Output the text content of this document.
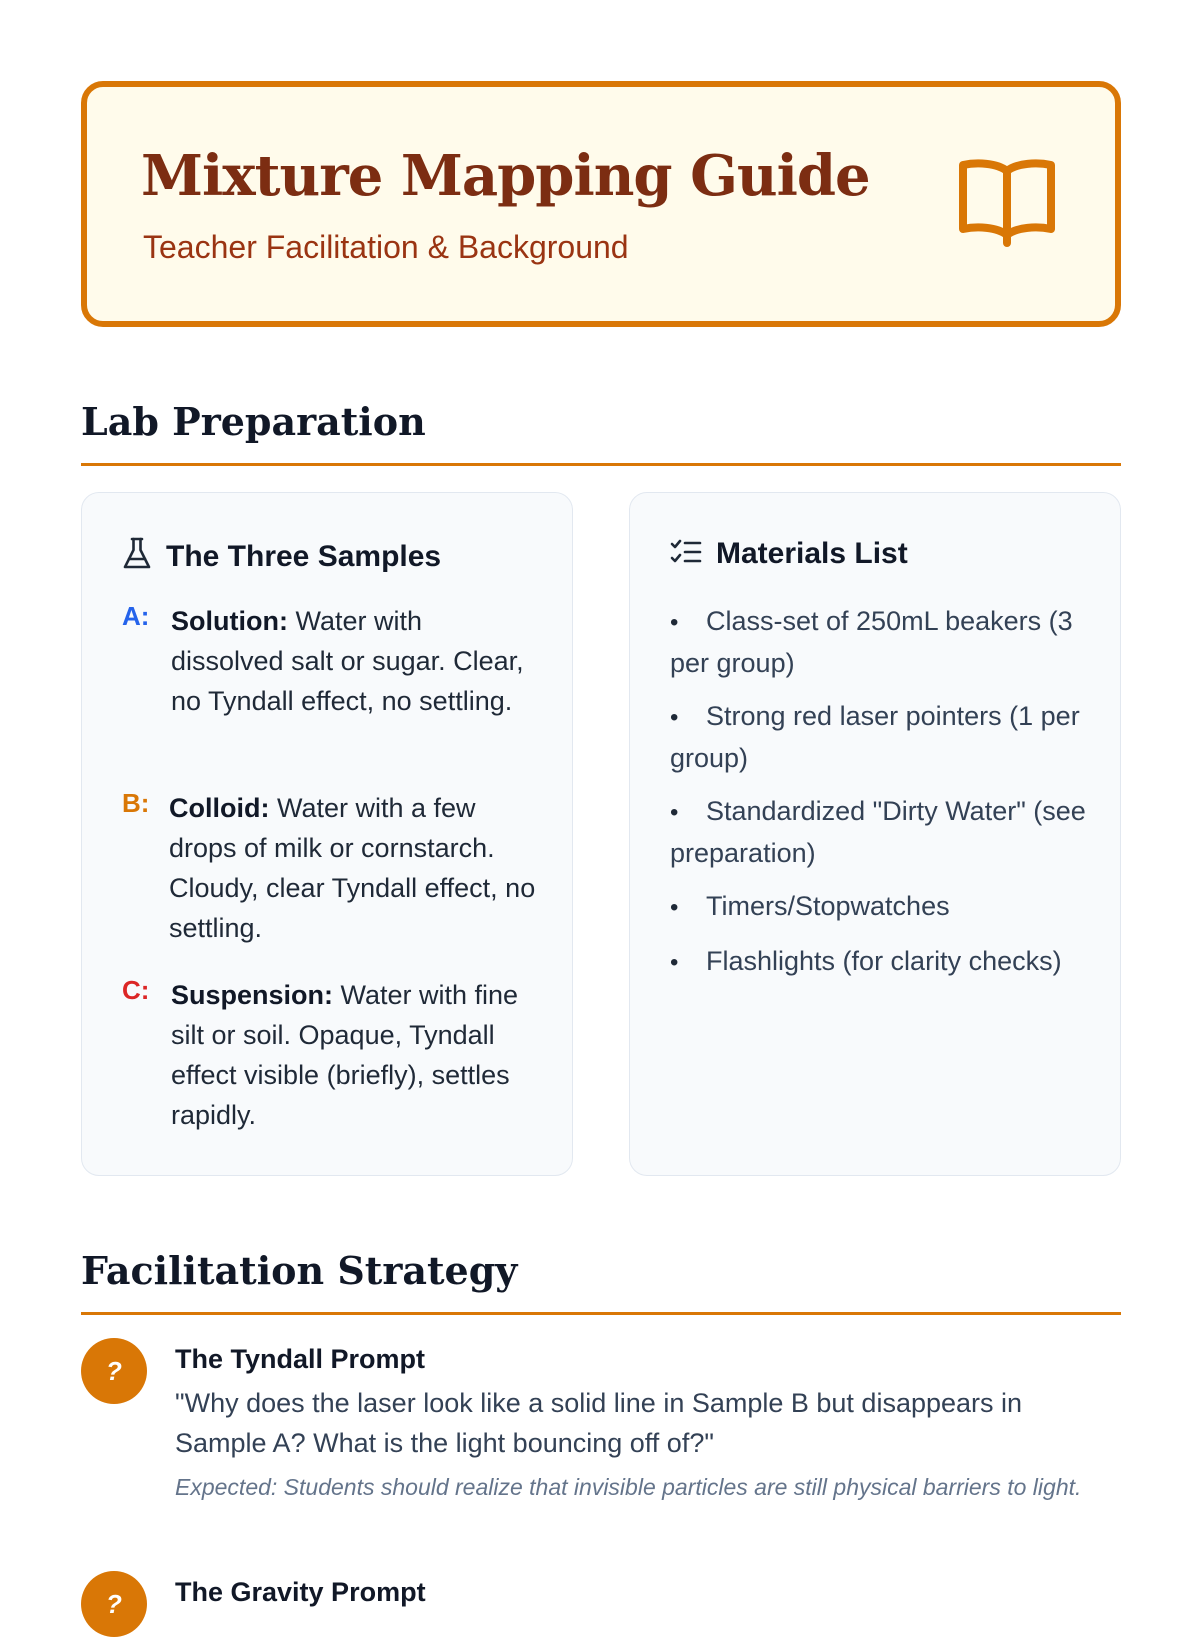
Mixture Mapping Guide

Teacher Facilitation & Background

Lab Preparation
The Three Samples
A: Solution: Water with dissolved salt or sugar. Clear, no Tyndall effect, no settling.
B: Colloid: Water with a few drops of milk or cornstarch. Cloudy, clear Tyndall effect, no settling.
C: Suspension: Water with fine silt or soil. Opaque, Tyndall effect visible (briefly), settles rapidly.
Materials List
• Class-set of 250mL beakers (3 per group)
• Strong red laser pointers (1 per group)
• Standardized "Dirty Water" (see preparation)
• Timers/Stopwatches
• Flashlights (for clarity checks)
Facilitation Strategy
?	The Tyndall Prompt

"Why does the laser look like a solid line in Sample B but disappears in Sample A? What is the light bouncing off of?"

Expected: Students should realize that invisible particles are still physical barriers to light.

?	The Gravity Prompt
